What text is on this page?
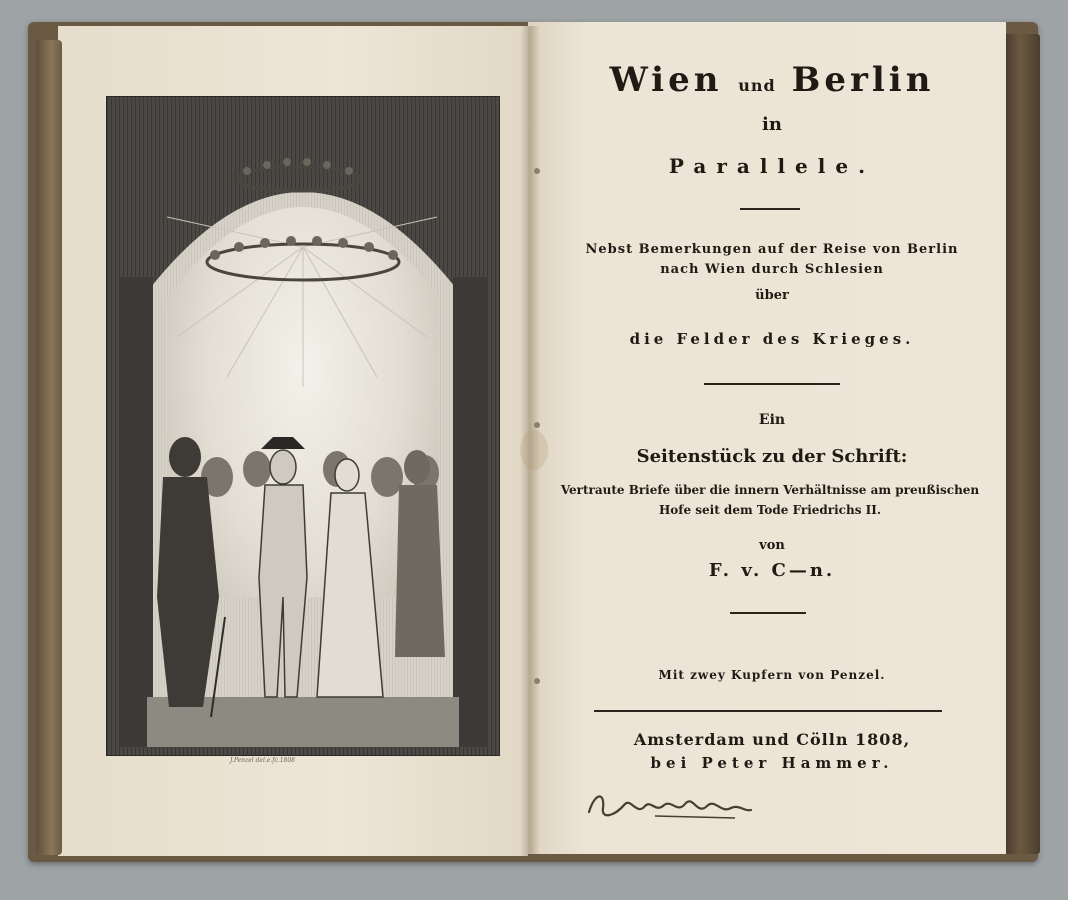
J.Penzel del.e.fc.1808
Wien und Berlin
in
Parallele.
Nebst Bemerkungen auf der Reise von Berlin
nach Wien durch Schlesien
über
die Felder des Krieges.
Ein
Seitenstück zu der Schrift:
Vertraute Briefe über die innern Verhältnisse am preußischen
Hofe seit dem Tode Friedrichs II.
von
F. v. C—n.
Mit zwey Kupfern von Penzel.
Amsterdam und Cölln 1808,
bei Peter Hammer.
